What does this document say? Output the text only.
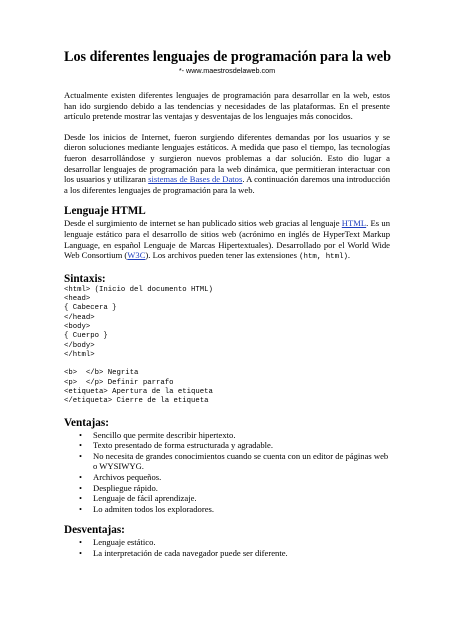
Los diferentes lenguajes de programación para la web
*- www.maestrosdelaweb.com

Actualmente existen diferentes lenguajes de programación para desarrollar en la web, estos han ido surgiendo debido a las tendencias y necesidades de las plataformas. En el presente artículo pretende mostrar las ventajas y desventajas de los lenguajes más conocidos.

Desde los inicios de Internet, fueron surgiendo diferentes demandas por los usuarios y se dieron soluciones mediante lenguajes estáticos. A medida que paso el tiempo, las tecnologías fueron desarrollándose y surgieron nuevos problemas a dar solución. Esto dio lugar a desarrollar lenguajes de programación para la web dinámica, que permitieran interactuar con los usuarios y utilizaran sistemas de Bases de Datos. A continuación daremos una introducción a los diferentes lenguajes de programación para la web.

Lenguaje HTML

Desde el surgimiento de internet se han publicado sitios web gracias al lenguaje HTML. Es un lenguaje estático para el desarrollo de sitios web (acrónimo en inglés de HyperText Markup Language, en español Lenguaje de Marcas Hipertextuales). Desarrollado por el World Wide Web Consortium (W3C). Los archivos pueden tener las extensiones (htm, html).

Sintaxis:
<html> (Inicio del documento HTML)
<head>
{ Cabecera }
</head>
<body>
{ Cuerpo }
</body>
</html>
<b>  </b> Negrita
<p>  </p> Definir parrafo
<etiqueta> Apertura de la etiqueta
</etiqueta> Cierre de la etiqueta
Ventajas:
• Sencillo que permite describir hipertexto.
• Texto presentado de forma estructurada y agradable.
• No necesita de grandes conocimientos cuando se cuenta con un editor de páginas web o WYSIWYG.
• Archivos pequeños.
• Despliegue rápido.
• Lenguaje de fácil aprendizaje.
• Lo admiten todos los exploradores.
Desventajas:
• Lenguaje estático.
• La interpretación de cada navegador puede ser diferente.
